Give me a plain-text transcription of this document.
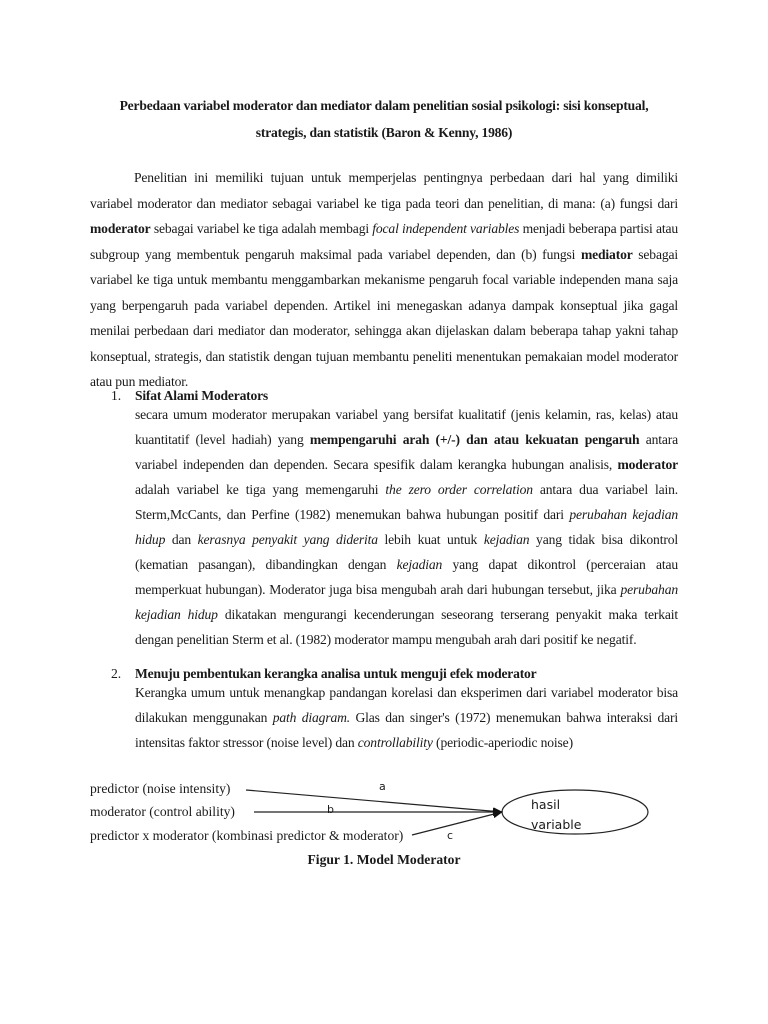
Perbedaan variabel moderator dan mediator dalam penelitian sosial psikologi: sisi konseptual,
strategis, dan statistik (Baron & Kenny, 1986)
Penelitian ini memiliki tujuan untuk memperjelas pentingnya perbedaan dari hal yang dimiliki variabel moderator dan mediator sebagai variabel ke tiga pada teori dan penelitian, di mana: (a) fungsi dari moderator sebagai variabel ke tiga adalah membagi focal independent variables menjadi beberapa partisi atau subgroup yang membentuk pengaruh maksimal pada variabel dependen, dan (b) fungsi mediator sebagai variabel ke tiga untuk membantu menggambarkan mekanisme pengaruh focal variable independen mana saja yang berpengaruh pada variabel dependen. Artikel ini menegaskan adanya dampak konseptual jika gagal menilai perbedaan dari mediator dan moderator, sehingga akan dijelaskan dalam beberapa tahap yakni tahap konseptual, strategis, dan statistik dengan tujuan membantu peneliti menentukan pemakaian model moderator atau pun mediator.
1. Sifat Alami Moderators
secara umum moderator merupakan variabel yang bersifat kualitatif (jenis kelamin, ras, kelas) atau kuantitatif (level hadiah) yang mempengaruhi arah (+/-) dan atau kekuatan pengaruh antara variabel independen dan dependen. Secara spesifik dalam kerangka hubungan analisis, moderator adalah variabel ke tiga yang memengaruhi the zero order correlation antara dua variabel lain. Sterm,McCants, dan Perfine (1982) menemukan bahwa hubungan positif dari perubahan kejadian hidup dan kerasnya penyakit yang diderita lebih kuat untuk kejadian yang tidak bisa dikontrol (kematian pasangan), dibandingkan dengan kejadian yang dapat dikontrol (perceraian atau memperkuat hubungan). Moderator juga bisa mengubah arah dari hubungan tersebut, jika perubahan kejadian hidup dikatakan mengurangi kecenderungan seseorang terserang penyakit maka terkait dengan penelitian Sterm et al. (1982) moderator mampu mengubah arah dari positif ke negatif.
2. Menuju pembentukan kerangka analisa untuk menguji efek moderator
Kerangka umum untuk menangkap pandangan korelasi dan eksperimen dari variabel moderator bisa dilakukan menggunakan path diagram. Glas dan singer's (1972) menemukan bahwa interaksi dari intensitas faktor stressor (noise level) dan controllability (periodic-aperiodic noise)
predictor (noise intensity)
moderator (control ability)
predictor x moderator (kombinasi predictor & moderator)
a
b
c
hasil
variable
Figur 1. Model Moderator
